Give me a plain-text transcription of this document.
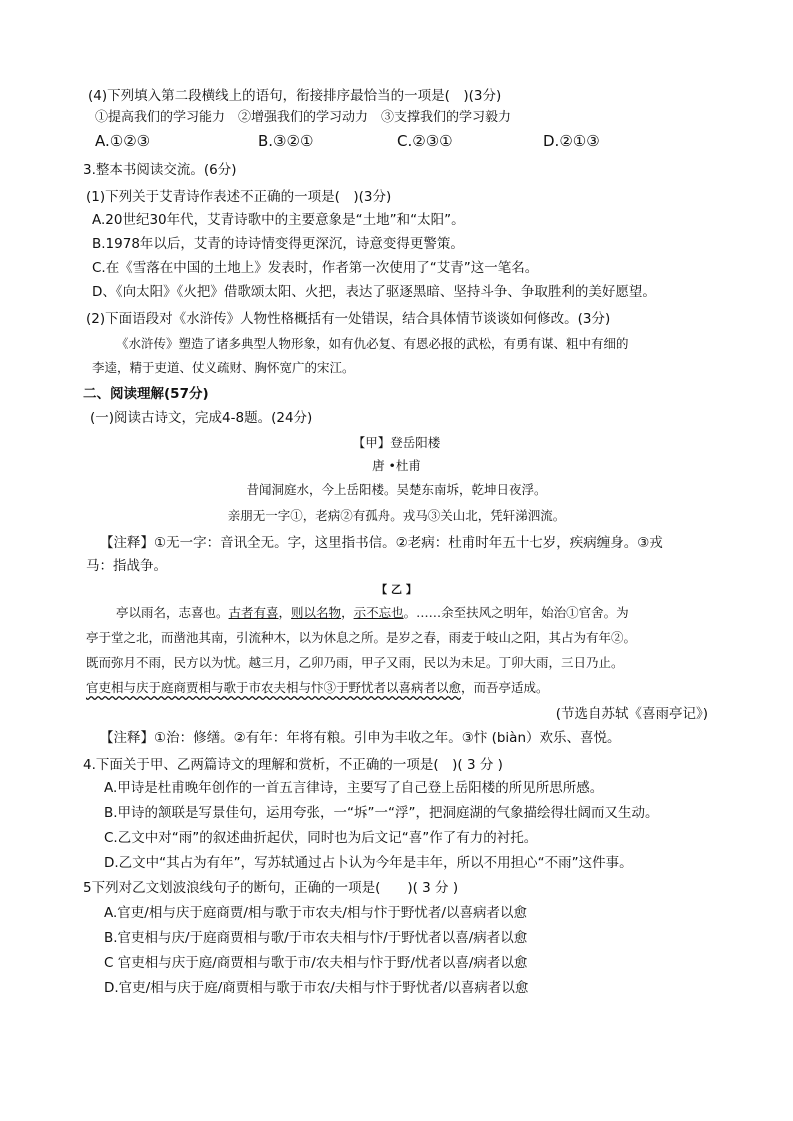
(4)下列填入第二段横线上的语句，衔接排序最恰当的一项是(　)(3分)
①提高我们的学习能力　②增强我们的学习动力　③支撑我们的学习毅力
A.①②③	B.③②①	C.②③①	D.②①③
3.整本书阅读交流。(6分)
(1)下列关于艾青诗作表述不正确的一项是(　)(3分)
A.20世纪30年代，艾青诗歌中的主要意象是“土地”和“太阳”。
B.1978年以后，艾青的诗诗情变得更深沉，诗意变得更警策。
C.在《雪落在中国的土地上》发表时，作者第一次使用了“艾青”这一笔名。
D、《向太阳》《火把》借歌颂太阳、火把，表达了驱逐黑暗、坚持斗争、争取胜利的美好愿望。
(2)下面语段对《水浒传》人物性格概括有一处错误，结合具体情节谈谈如何修改。(3分)
《水浒传》塑造了诸多典型人物形象，如有仇必复、有恩必报的武松，有勇有谋、粗中有细的
李逵，精于吏道、仗义疏财、胸怀宽广的宋江。
二、阅读理解(57分)
(一)阅读古诗文，完成4-8题。(24分)
【甲】登岳阳楼
唐 •杜甫
昔闻洞庭水，今上岳阳楼。吴楚东南坼，乾坤日夜浮。
亲朋无一字①，老病②有孤舟。戎马③关山北，凭轩涕泗流。
【注释】①无一字：音讯全无。字，这里指书信。②老病：杜甫时年五十七岁，疾病缠身。③戎
马：指战争。
【 乙 】
亭以雨名，志喜也。古者有喜，则以名物，示不忘也。……余至扶风之明年，始治①官舍。为
亭于堂之北，而凿池其南，引流种木，以为休息之所。是岁之春，雨麦于岐山之阳，其占为有年②。
既而弥月不雨，民方以为忧。越三月，乙卯乃雨，甲子又雨，民以为未足。丁卯大雨，三日乃止。
官吏相与庆于庭商贾相与歌于市农夫相与忭③于野忧者以喜病者以愈，而吾亭适成。
(节选自苏轼《喜雨亭记》)
【注释】①治：修缮。②有年：年将有粮。引申为丰收之年。③忭 (biàn）欢乐、喜悦。
4.下面关于甲、乙两篇诗文的理解和赏析，不正确的一项是(　)( 3 分 )
A.甲诗是杜甫晚年创作的一首五言律诗，主要写了自己登上岳阳楼的所见所思所感。
B.甲诗的颔联是写景佳句，运用夸张，一“坼”一“浮”，把洞庭湖的气象描绘得壮阔而又生动。
C.乙文中对“雨”的叙述曲折起伏，同时也为后文记“喜”作了有力的衬托。
D.乙文中“其占为有年”，写苏轼通过占卜认为今年是丰年，所以不用担心“不雨”这件事。
5下列对乙文划波浪线句子的断句，正确的一项是(　　)( 3 分 )
A.官吏/相与庆于庭商贾/相与歌于市农夫/相与忭于野忧者/以喜病者以愈
B.官吏相与庆/于庭商贾相与歌/于市农夫相与忭/于野忧者以喜/病者以愈
C 官吏相与庆于庭/商贾相与歌于市/农夫相与忭于野/忧者以喜/病者以愈
D.官吏/相与庆于庭/商贾相与歌于市农/夫相与忭于野忧者/以喜病者以愈
